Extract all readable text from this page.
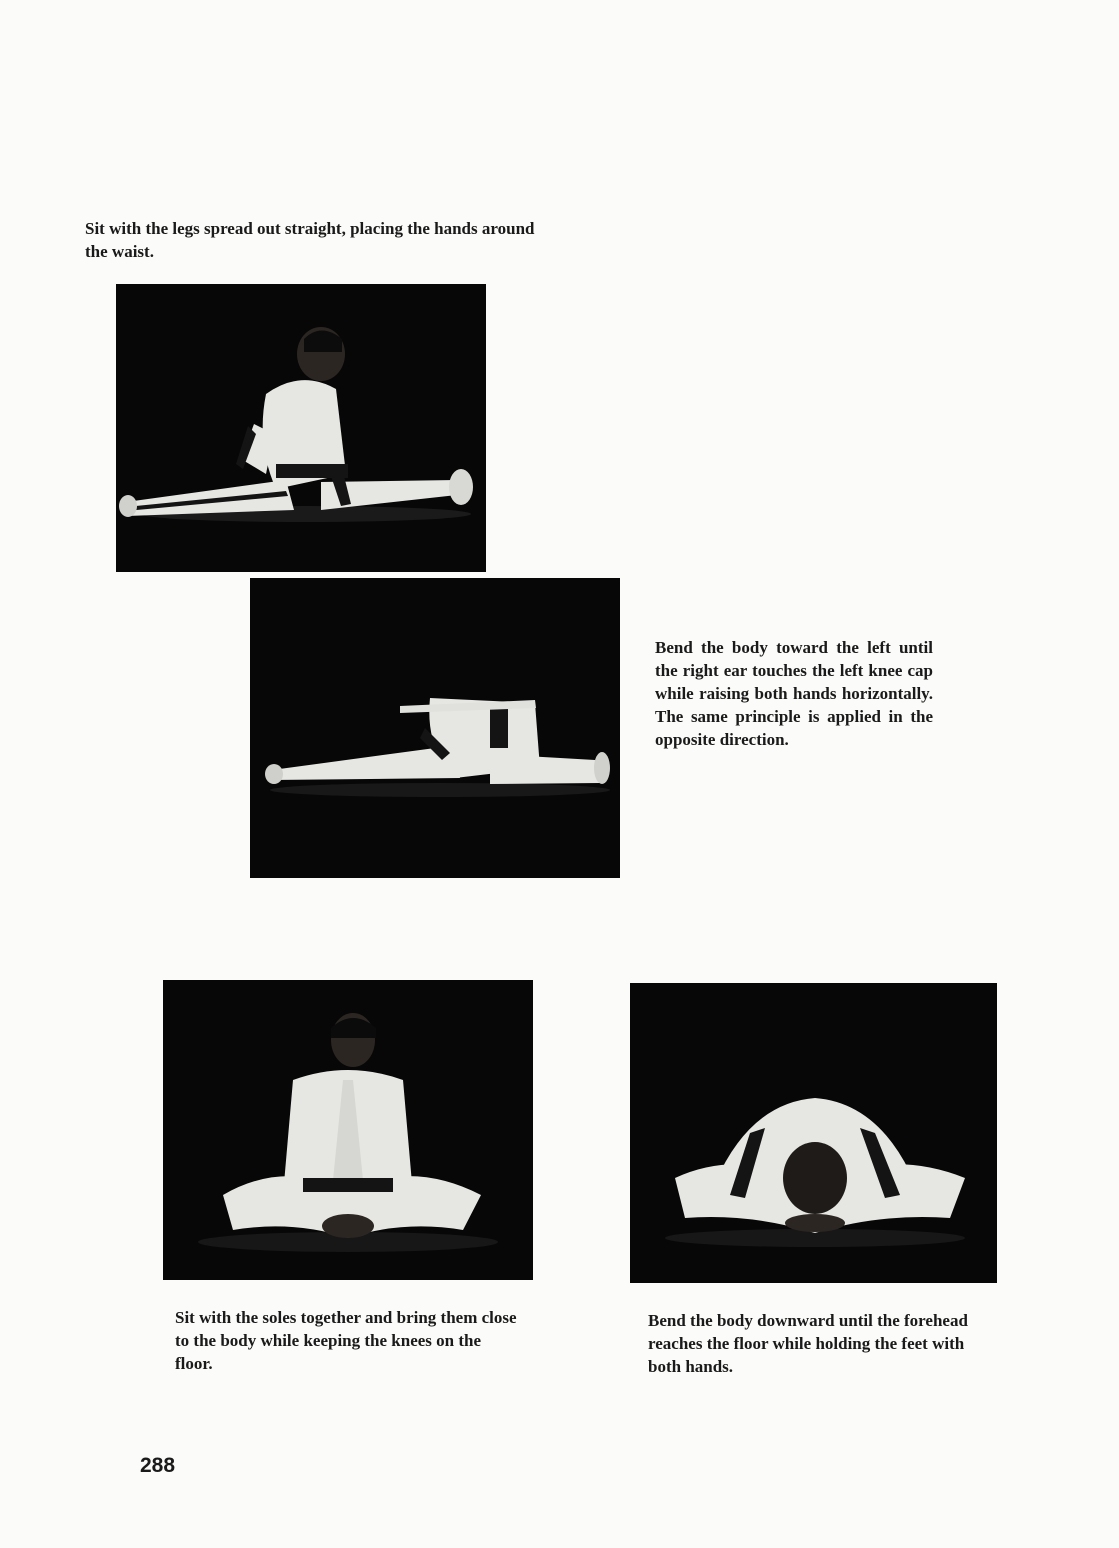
Sit with the legs spread out straight, placing the hands around the waist.

Bend the body toward the left until the right ear touches the left knee cap while raising both hands horizontally. The same principle is applied in the opposite direction.

Sit with the soles together and bring them close to the body while keeping the knees on the floor.

Bend the body downward until the forehead reaches the floor while holding the feet with both hands.

288
